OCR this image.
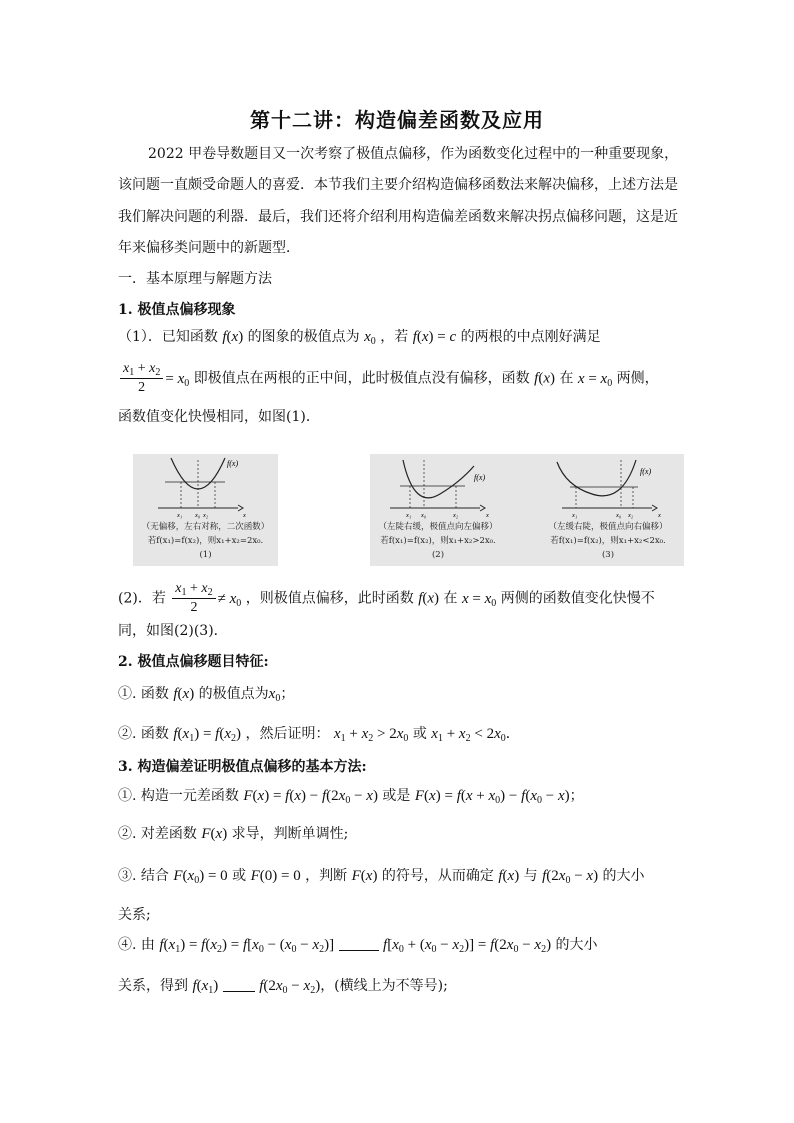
第十二讲：构造偏差函数及应用
2022 甲卷导数题目又一次考察了极值点偏移，作为函数变化过程中的一种重要现象，
该问题一直颇受命题人的喜爱．本节我们主要介绍构造偏移函数法来解决偏移，上述方法是
我们解决问题的利器．最后，我们还将介绍利用构造偏差函数来解决拐点偏移问题，这是近
年来偏移类问题中的新题型．
一．基本原理与解题方法
1. 极值点偏移现象
（1）．已知函数 f(x) 的图象的极值点为 $x_0$ ，若 f(x) = c 的两根的中点刚好满足
$\frac{x_1 + x_2}{2} = x_0$ 即极值点在两根的正中间，此时极值点没有偏移，函数 f(x) 在 $x = x_0$ 两侧，
函数值变化快慢相同，如图(1)．
f(x)
x₁ x₀ x₂	x
（无偏移，左右对称，二次函数）
若f(x₁)=f(x₂)，则x₁+x₂=2x₀.
(1)
f(x)
x₁ x₀	x₂	x
f(x)
x₁	x₀ x₂	x
（左陡右缓，极值点向左偏移）
若f(x₁)=f(x₂)，则x₁+x₂>2x₀.
(2)
（左缓右陡，极值点向右偏移）
若f(x₁)=f(x₂)，则x₁+x₂<2x₀.
(3)
(2)．若 $\frac{x_1 + x_2}{2} \ne x_0$ ，则极值点偏移，此时函数 f(x) 在 $x = x_0$ 两侧的函数值变化快慢不
同，如图(2)(3)．
2. 极值点偏移题目特征:
①. 函数 f(x) 的极值点为$x_0$；
②. 函数 $f(x_1) = f(x_2)$ ，然后证明： $x_1 + x_2 > 2x_0$ 或 $x_1 + x_2 < 2x_0$．
3. 构造偏差证明极值点偏移的基本方法:
①. 构造一元差函数 $F(x) = f(x) - f(2x_0 - x)$ 或是 $F(x) = f(x + x_0) - f(x_0 - x)$；
②. 对差函数 F(x) 求导，判断单调性;
③. 结合 $F(x_0) = 0$ 或 F(0) = 0 ，判断 F(x) 的符号，从而确定 f(x) 与 $f(2x_0 - x)$ 的大小
关系;
④. 由 $f(x_1) = f(x_2) = f[x_0 - (x_0 - x_2)]$	$f[x_0 + (x_0 - x_2)] = f(2x_0 - x_2)$ 的大小
关系，得到 $f(x_1)$	$f(2x_0 - x_2)$，(横线上为不等号);
